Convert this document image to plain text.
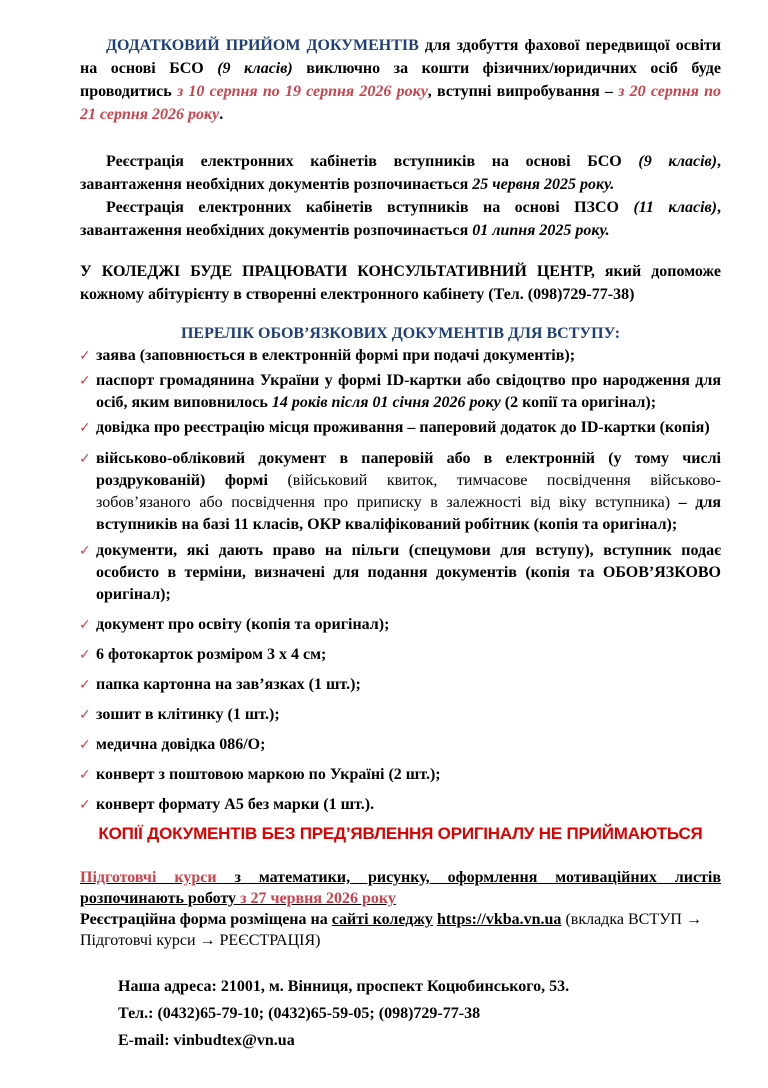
ДОДАТКОВИЙ ПРИЙОМ ДОКУМЕНТІВ для здобуття фахової передвищої освіти на основі БСО (9 класів) виключно за кошти фізичних/юридичних осіб буде проводитись з 10 серпня по 19 серпня 2026 року, вступні випробування – з 20 серпня по 21 серпня 2026 року.

Реєстрація електронних кабінетів вступників на основі БСО (9 класів), завантаження необхідних документів розпочинається 25 червня 2025 року.

Реєстрація електронних кабінетів вступників на основі ПЗСО (11 класів), завантаження необхідних документів розпочинається 01 липня 2025 року.

У КОЛЕДЖІ БУДЕ ПРАЦЮВАТИ КОНСУЛЬТАТИВНИЙ ЦЕНТР, який допоможе кожному абітурієнту в створенні електронного кабінету (Тел. (098)729-77-38)

ПЕРЕЛІК ОБОВ’ЯЗКОВИХ ДОКУМЕНТІВ ДЛЯ ВСТУПУ:

✓ заява (заповнюється в електронній формі при подачі документів);
✓ паспорт громадянина України у формі ID-картки або свідоцтво про народження для осіб, яким виповнилось 14 років після 01 січня 2026 року (2 копії та оригінал);
✓ довідка про реєстрацію місця проживання – паперовий додаток до ID-картки (копія)
✓ військово-обліковий документ в паперовій або в електронній (у тому числі роздрукованій) формі (військовий квиток, тимчасове посвідчення військово-зобов’язаного або посвідчення про приписку в залежності від віку вступника) – для вступників на базі 11 класів, ОКР кваліфікований робітник (копія та оригінал);
✓ документи, які дають право на пільги (спецумови для вступу), вступник подає особисто в терміни, визначені для подання документів (копія та ОБОВ’ЯЗКОВО оригінал);
✓ документ про освіту (копія та оригінал);
✓ 6 фотокарток розміром 3 х 4 см;
✓ папка картонна на зав’язках (1 шт.);
✓ зошит в клітинку (1 шт.);
✓ медична довідка 086/О;
✓ конверт з поштовою маркою по Україні (2 шт.);
✓ конверт формату А5 без марки (1 шт.).

КОПІЇ ДОКУМЕНТІВ БЕЗ ПРЕД’ЯВЛЕННЯ ОРИГІНАЛУ НЕ ПРИЙМАЮТЬСЯ

Підготовчі курси з математики, рисунку, оформлення мотиваційних листів розпочинають роботу з 27 червня 2026 року

Реєстраційна форма розміщена на сайті коледжу https://vkba.vn.ua (вкладка ВСТУП → Підготовчі курси → РЕЄСТРАЦІЯ)

Наша адреса: 21001, м. Вінниця, проспект Коцюбинського, 53.

Тел.: (0432)65-79-10; (0432)65-59-05; (098)729-77-38

E-mail: vinbudtex@vn.ua
